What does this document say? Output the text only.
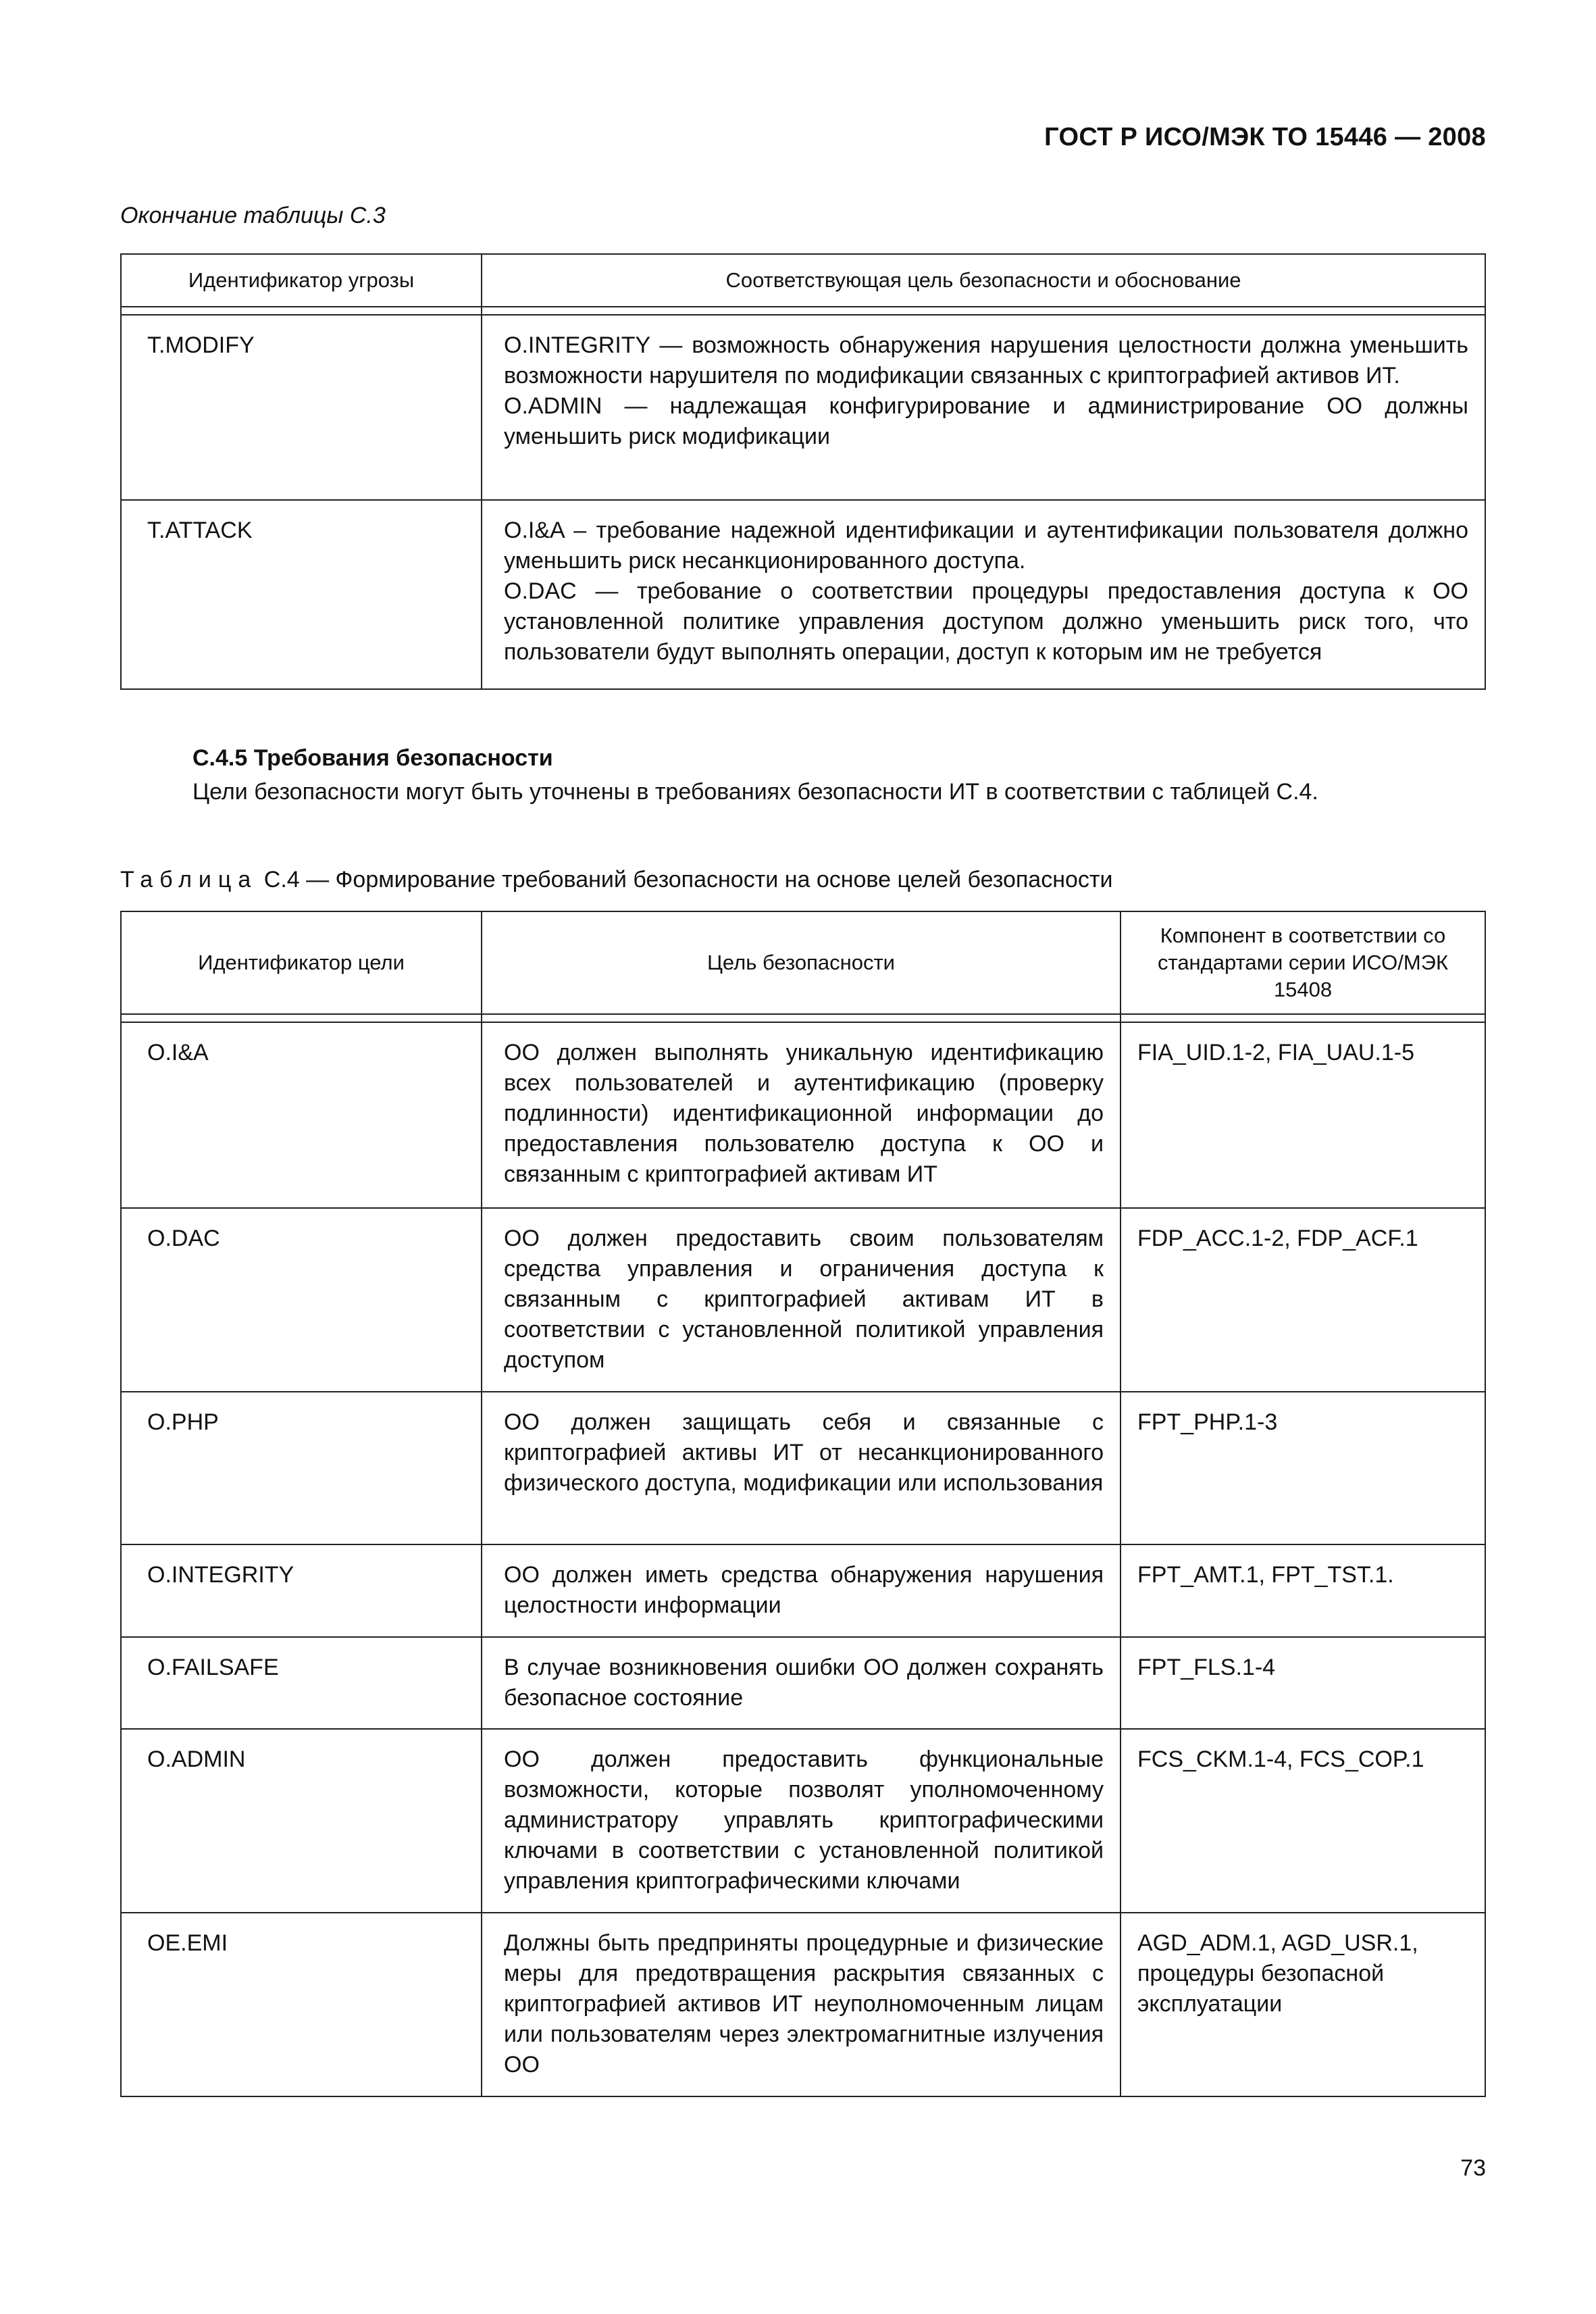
ГОСТ Р ИСО/МЭК ТО 15446 — 2008
Окончание таблицы С.3
Идентификатор угрозы	Соответствующая цель безопасности и обоснование

T.MODIFY	O.INTEGRITY — возможность обнаружения нарушения целостности должна уменьшить возможности нарушителя по модификации связанных с криптографией активов ИТ.
O.ADMIN — надлежащая конфигурирование и администрирование ОО должны уменьшить риск модификации

T.ATTACK	O.I&A – требование надежной идентификации и аутентификации пользователя должно уменьшить риск несанкционированного доступа.
O.DAC — требование о соответствии процедуры предоставления доступа к ОО установленной политике управления доступом должно уменьшить риск того, что пользователи будут выполнять операции, доступ к которым им не требуется
С.4.5 Требования безопасности
Цели безопасности могут быть уточнены в требованиях безопасности ИТ в соответствии с таблицей С.4.
Таблица С.4 — Формирование требований безопасности на основе целей безопасности
Идентификатор цели	Цель безопасности	Компонент в соответствии со стандартами серии ИСО/МЭК 15408

O.I&A	ОО должен выполнять уникальную идентификацию всех пользователей и аутентификацию (проверку подлинности) идентификационной информации до предоставления пользователю доступа к ОО и связанным с криптографией активам ИТ	FIA_UID.1-2, FIA_UAU.1-5
O.DAC	ОО должен предоставить своим пользователям средства управления и ограничения доступа к связанным с криптографией активам ИТ в соответствии с установленной политикой управления доступом	FDP_ACC.1-2, FDP_ACF.1
O.PHP	ОО должен защищать себя и связанные с криптографией активы ИТ от несанкционированного физического доступа, модификации или использования	FPT_PHP.1-3
O.INTEGRITY	ОО должен иметь средства обнаружения нарушения целостности информации	FPT_AMT.1, FPT_TST.1.
O.FAILSAFE	В случае возникновения ошибки ОО должен сохранять безопасное состояние	FPT_FLS.1-4
O.ADMIN	ОО должен предоставить функциональные возможности, которые позволят уполномоченному администратору управлять криптографическими ключами в соответствии с установленной политикой управления криптографическими ключами	FCS_CKM.1-4, FCS_COP.1
OE.EMI	Должны быть предприняты процедурные и физические меры для предотвращения раскрытия связанных с криптографией активов ИТ неуполномоченным лицам или пользователям через электромагнитные излучения ОО	AGD_ADM.1, AGD_USR.1, процедуры безопасной эксплуатации
73
